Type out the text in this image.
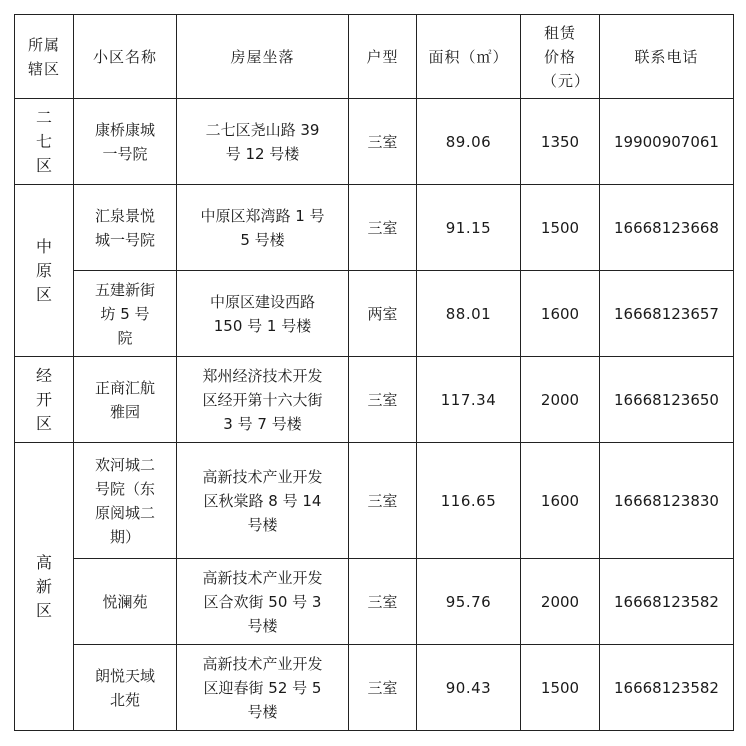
所属辖区	小区名称	房屋坐落	户型	面积（㎡）	租赁价格（元）	联系电话
二七区	康桥康城一号院	二七区尧山路 39 号 12 号楼	三室	89.06	1350	19900907061
中原区	汇泉景悦城一号院	中原区郑湾路 1 号 5 号楼	三室	91.15	1500	16668123668
	五建新街坊 5 号院	中原区建设西路 150 号 1 号楼	两室	88.01	1600	16668123657
经开区	正商汇航雅园	郑州经济技术开发区经开第十六大街 3 号 7 号楼	三室	117.34	2000	16668123650
高新区	欢河城二号院（东原阅城二期）	高新技术产业开发区秋棠路 8 号 14 号楼	三室	116.65	1600	16668123830
	悦澜苑	高新技术产业开发区合欢街 50 号 3 号楼	三室	95.76	2000	16668123582
	朗悦天域北苑	高新技术产业开发区迎春街 52 号 5 号楼	三室	90.43	1500	16668123582
